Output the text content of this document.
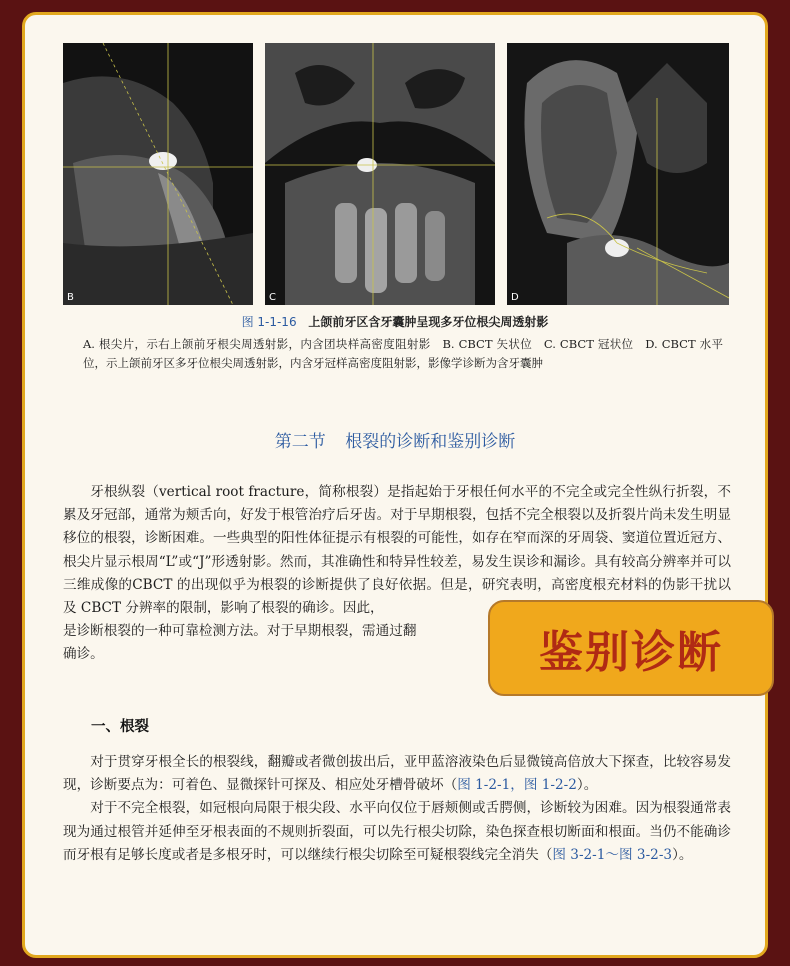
B	C	D
图 1-1-16 上颌前牙区含牙囊肿呈现多牙位根尖周透射影
A. 根尖片，示右上颌前牙根尖周透射影，内含团块样高密度阻射影　B. CBCT 矢状位　C. CBCT 冠状位　D. CBCT 水平位，示上颌前牙区多牙位根尖周透射影，内含牙冠样高密度阻射影，影像学诊断为含牙囊肿
第二节 根裂的诊断和鉴别诊断

牙根纵裂（vertical root fracture，简称根裂）是指起始于牙根任何水平的不完全或完全性纵行折裂，不累及牙冠部，通常为颊舌向，好发于根管治疗后牙齿。对于早期根裂，包括不完全根裂以及折裂片尚未发生明显移位的根裂，诊断困难。一些典型的阳性体征提示有根裂的可能性，如存在窄而深的牙周袋、窦道位置近冠方、根尖片显示根周“L”或“J”形透射影。然而，其准确性和特异性较差，易发生误诊和漏诊。具有较高分辨率并可以三维成像的CBCT 的出现似乎为根裂的诊断提供了良好依据。但是，研究表明，高密度根充材料的伪影干扰以及 CBCT 分辨率的限制，影响了根裂的确诊。因此，
是诊断根裂的一种可靠检测方法。对于早期根裂，需通过翻
确诊。

一、根裂

对于贯穿牙根全长的根裂线，翻瓣或者微创拔出后，亚甲蓝溶液染色后显微镜高倍放大下探查，比较容易发现，诊断要点为：可着色、显微探针可探及、相应处牙槽骨破坏（图 1-2-1，图 1-2-2）。

对于不完全根裂，如冠根向局限于根尖段、水平向仅位于唇颊侧或舌腭侧，诊断较为困难。因为根裂通常表现为通过根管并延伸至牙根表面的不规则折裂面，可以先行根尖切除，染色探查根切断面和根面。当仍不能确诊而牙根有足够长度或者是多根牙时，可以继续行根尖切除至可疑根裂线完全消失（图 3-2-1～图 3-2-3）。

鉴别诊断
